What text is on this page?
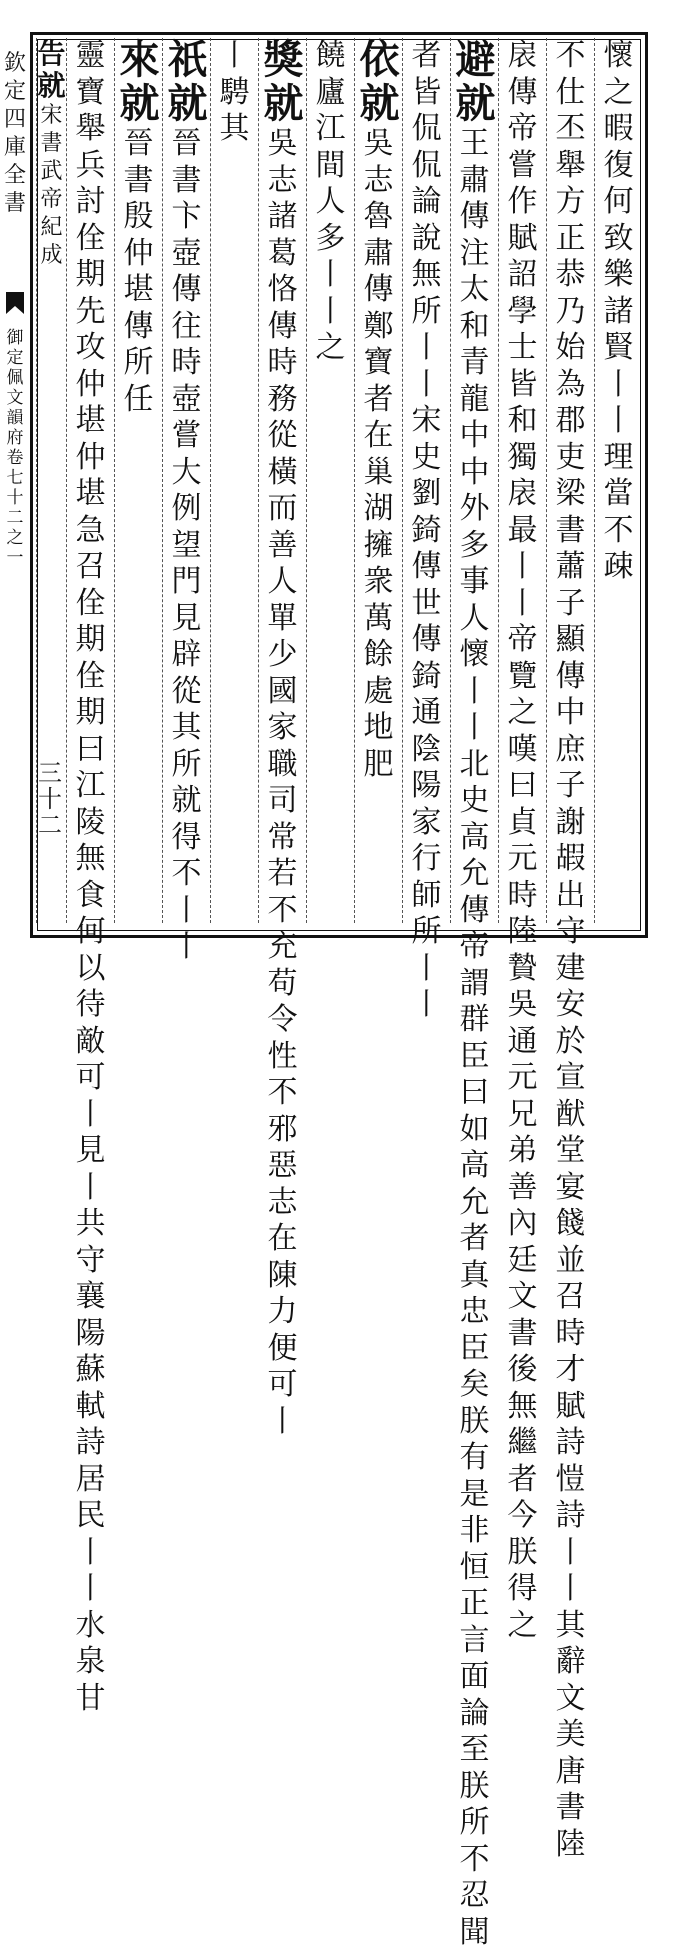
欽定四庫全書
御定佩文韻府卷七十二之一
三十二
懷之暇復何致樂諸賢丨丨理當不疎
不仕丕舉方正恭乃始為郡吏梁書蕭子顯傳中庶子謝嘏出守建安於宣猷堂宴餞並召時才賦詩愷詩丨丨其辭文美唐書陸
扆傳帝嘗作賦詔學士皆和獨扆最丨丨帝覽之嘆曰貞元時陸贄吳通元兄弟善內廷文書後無繼者今朕得之
避就
王肅傳注太和青龍中中外多事人懷丨丨北史高允傳帝謂群臣曰如高允者真忠臣矣朕有是非恒正言面論至朕所不忍聞
者皆侃侃論說無所丨丨宋史劉錡傳世傳錡通陰陽家行師所丨丨
依就
吳志魯肅傳鄭寶者在巢湖擁衆萬餘處地肥
饒廬江間人多丨丨之
獎就
吳志諸葛恪傳時務從橫而善人單少國家職司常若不充苟令性不邪惡志在陳力便可丨
丨騁其
祇就
晉書卞壺傳往時壺嘗大例望門見辟從其所就得不丨丨
來就
晉書殷仲堪傳所任
靈寶舉兵討佺期先攻仲堪仲堪急召佺期佺期曰江陵無食何以待敵可丨見丨共守襄陽蘇軾詩居民丨丨水泉甘
告就
宋書武帝紀成
